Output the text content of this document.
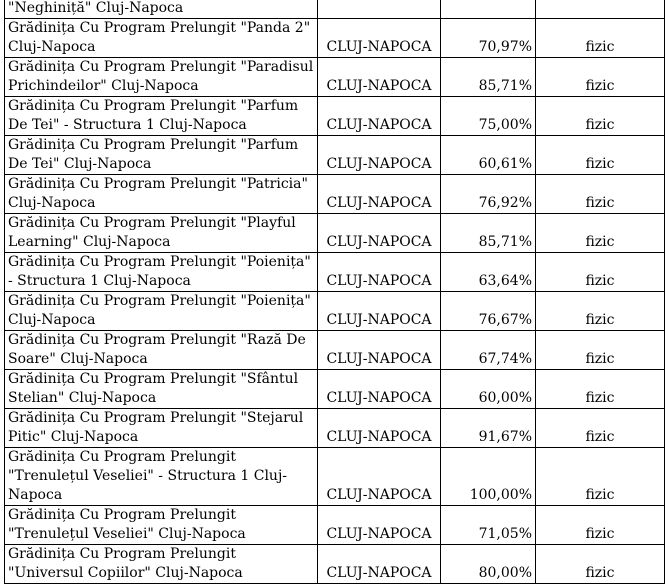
"Neghiniță" Cluj-Napoca			
Grădinița Cu Program Prelungit "Panda 2" Cluj-Napoca	CLUJ-NAPOCA	70,97%	fizic
Grădinița Cu Program Prelungit "Paradisul Prichindeilor" Cluj-Napoca	CLUJ-NAPOCA	85,71%	fizic
Grădinița Cu Program Prelungit "Parfum De Tei" - Structura 1 Cluj-Napoca	CLUJ-NAPOCA	75,00%	fizic
Grădinița Cu Program Prelungit "Parfum De Tei" Cluj-Napoca	CLUJ-NAPOCA	60,61%	fizic
Grădinița Cu Program Prelungit "Patricia" Cluj-Napoca	CLUJ-NAPOCA	76,92%	fizic
Grădinița Cu Program Prelungit "Playful Learning" Cluj-Napoca	CLUJ-NAPOCA	85,71%	fizic
Grădinița Cu Program Prelungit "Poienița" - Structura 1 Cluj-Napoca	CLUJ-NAPOCA	63,64%	fizic
Grădinița Cu Program Prelungit "Poienița" Cluj-Napoca	CLUJ-NAPOCA	76,67%	fizic
Grădinița Cu Program Prelungit "Rază De Soare" Cluj-Napoca	CLUJ-NAPOCA	67,74%	fizic
Grădinița Cu Program Prelungit "Sfântul Stelian" Cluj-Napoca	CLUJ-NAPOCA	60,00%	fizic
Grădinița Cu Program Prelungit "Stejarul Pitic" Cluj-Napoca	CLUJ-NAPOCA	91,67%	fizic
Grădinița Cu Program Prelungit "Trenulețul Veseliei" - Structura 1 Cluj-Napoca	CLUJ-NAPOCA	100,00%	fizic
Grădinița Cu Program Prelungit "Trenulețul Veseliei" Cluj-Napoca	CLUJ-NAPOCA	71,05%	fizic
Grădinița Cu Program Prelungit "Universul Copiilor" Cluj-Napoca	CLUJ-NAPOCA	80,00%	fizic
